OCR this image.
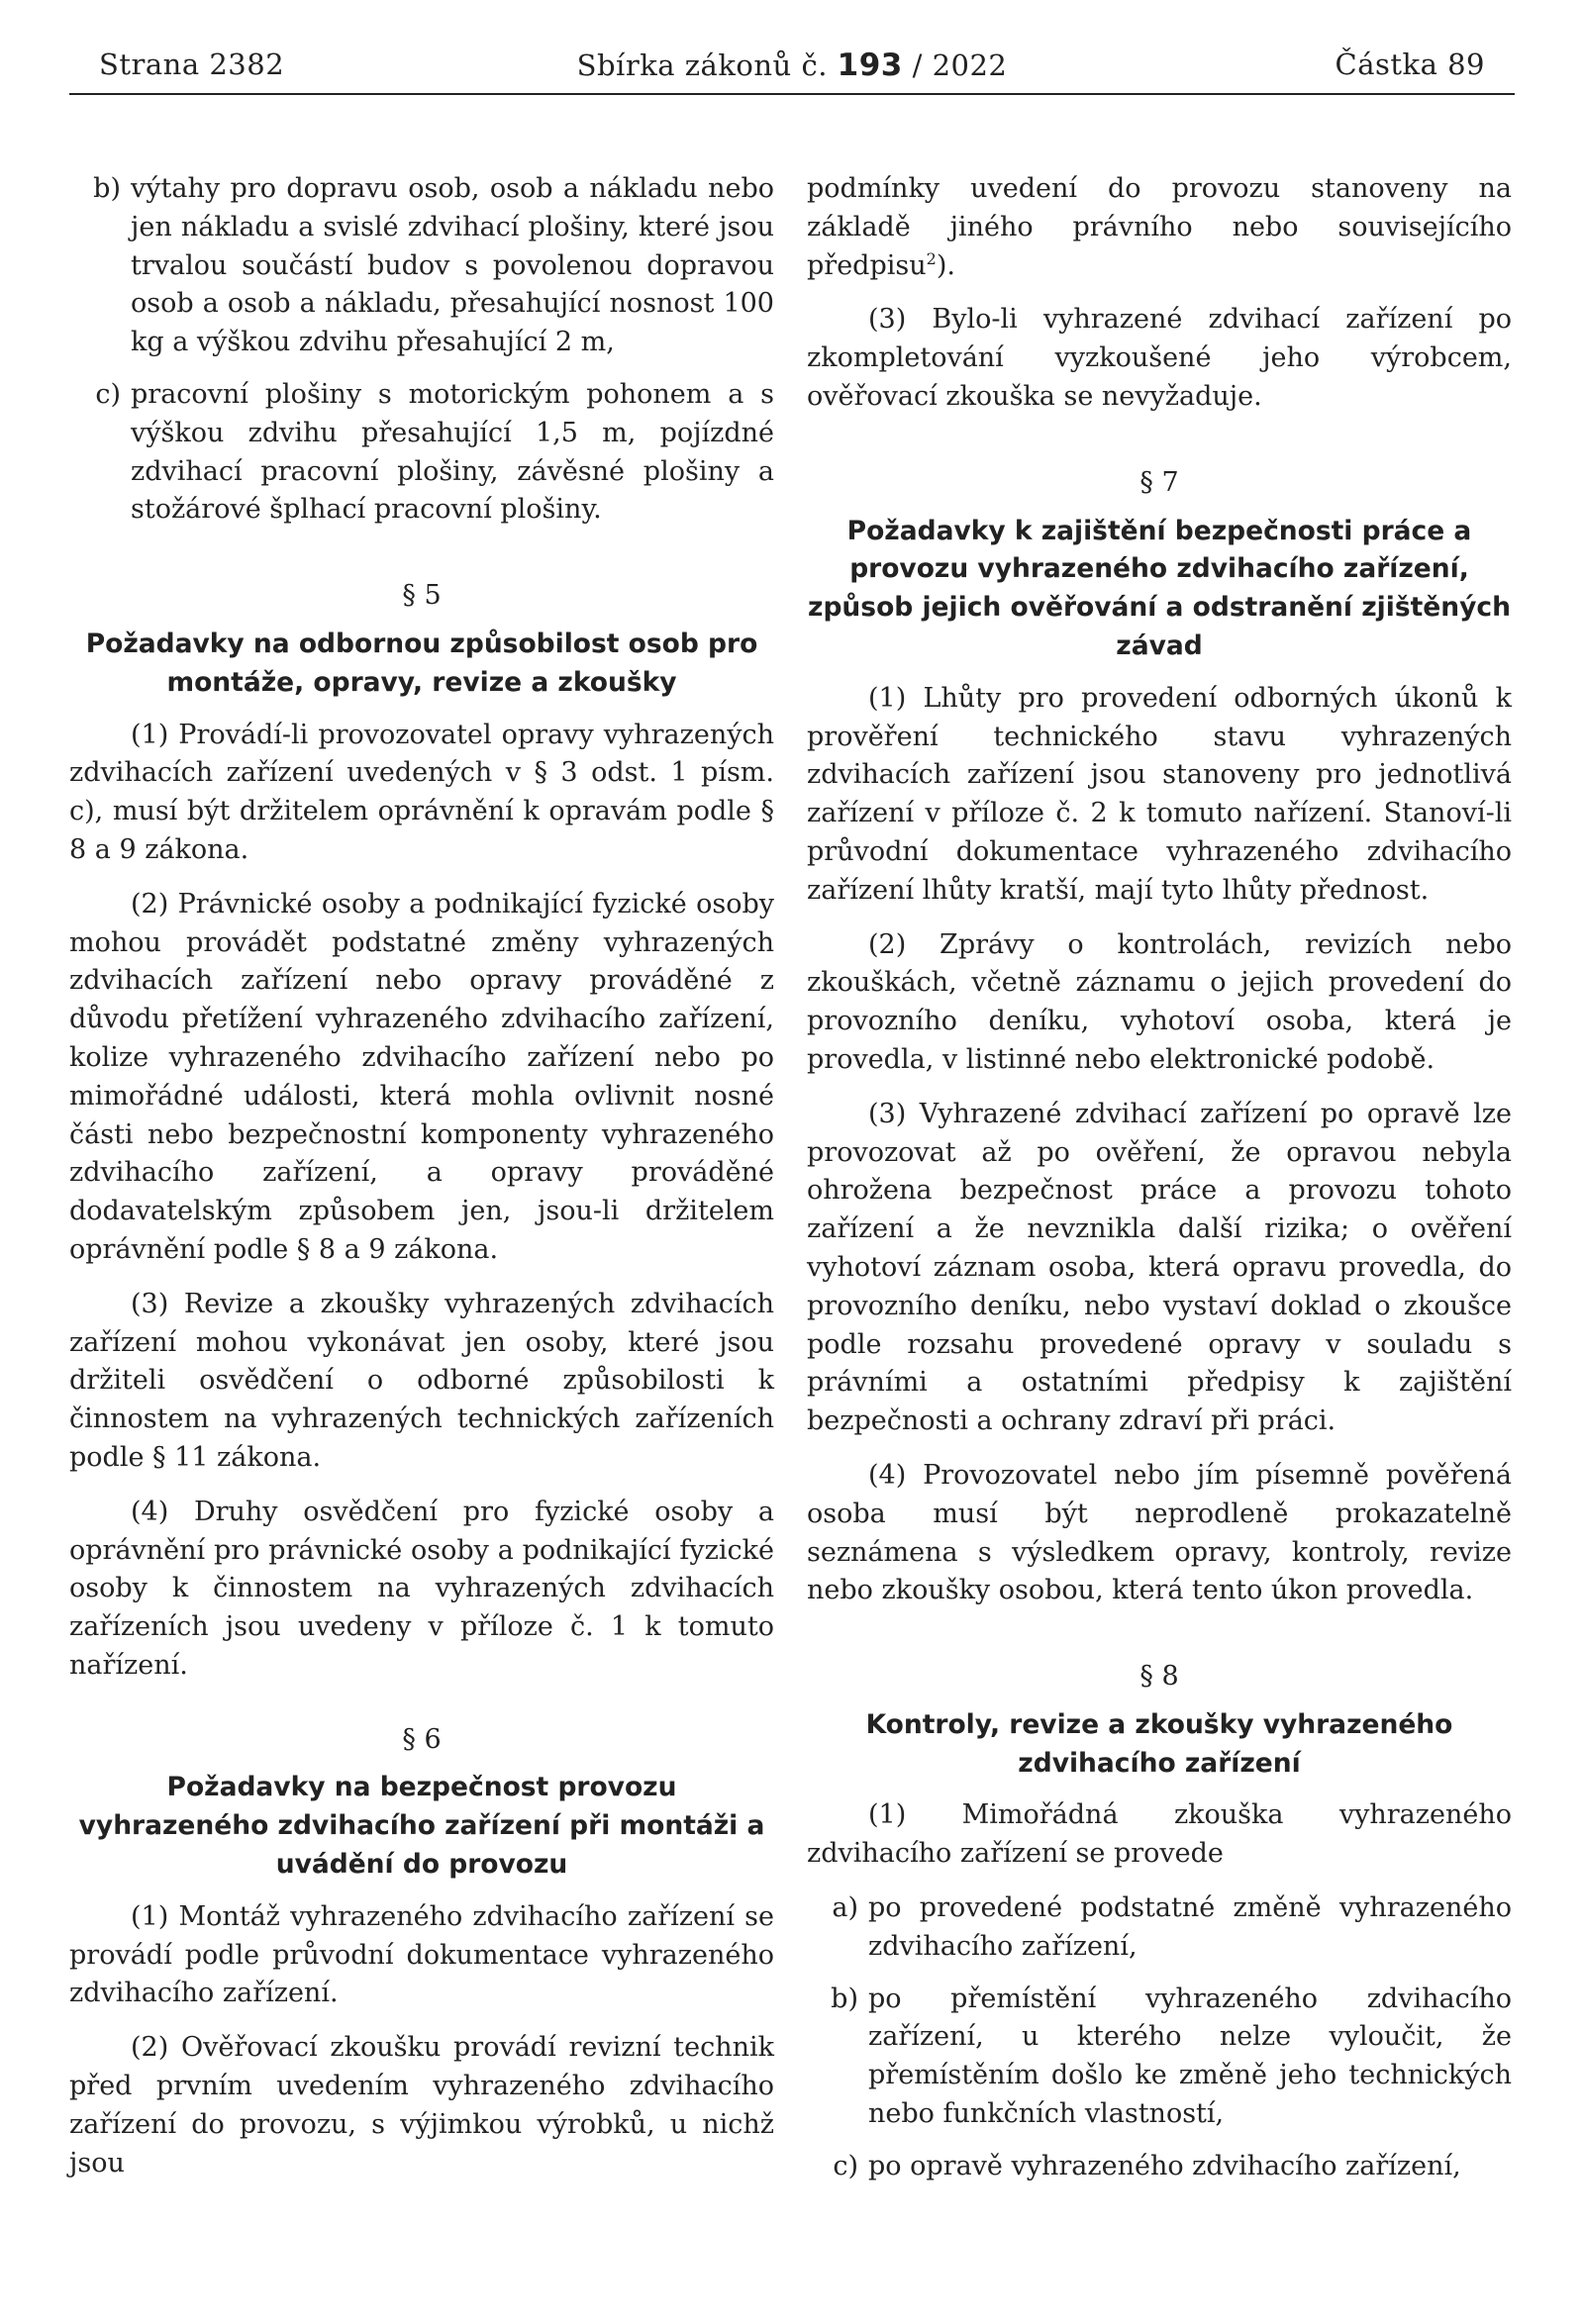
Strana 2382	Sbírka zákonů č. 193 / 2022	Částka 89
b) výtahy pro dopravu osob, osob a nákladu nebo jen nákladu a svislé zdvihací plošiny, které jsou trvalou součástí budov s povolenou dopravou osob a osob a nákladu, přesahující nosnost 100 kg a výškou zdvihu přesahující 2 m,
c) pracovní plošiny s motorickým pohonem a s výškou zdvihu přesahující 1,5 m, pojízdné zdvihací pracovní plošiny, závěsné plošiny a stožárové šplhací pracovní plošiny.
§ 5
Požadavky na odbornou způsobilost osob pro montáže, opravy, revize a zkoušky

(1) Provádí-li provozovatel opravy vyhrazených zdvihacích zařízení uvedených v § 3 odst. 1 písm. c), musí být držitelem oprávnění k opravám podle § 8 a 9 zákona.

(2) Právnické osoby a podnikající fyzické osoby mohou provádět podstatné změny vyhrazených zdvihacích zařízení nebo opravy prováděné z důvodu přetížení vyhrazeného zdvihacího zařízení, kolize vyhrazeného zdvihacího zařízení nebo po mimořádné události, která mohla ovlivnit nosné části nebo bezpečnostní komponenty vyhrazeného zdvihacího zařízení, a opravy prováděné dodavatelským způsobem jen, jsou-li držitelem oprávnění podle § 8 a 9 zákona.

(3) Revize a zkoušky vyhrazených zdvihacích zařízení mohou vykonávat jen osoby, které jsou držiteli osvědčení o odborné způsobilosti k činnostem na vyhrazených technických zařízeních podle § 11 zákona.

(4) Druhy osvědčení pro fyzické osoby a oprávnění pro právnické osoby a podnikající fyzické osoby k činnostem na vyhrazených zdvihacích zařízeních jsou uvedeny v příloze č. 1 k tomuto nařízení.

§ 6
Požadavky na bezpečnost provozu vyhrazeného zdvihacího zařízení při montáži a uvádění do provozu

(1) Montáž vyhrazeného zdvihacího zařízení se provádí podle průvodní dokumentace vyhrazeného zdvihacího zařízení.

(2) Ověřovací zkoušku provádí revizní technik před prvním uvedením vyhrazeného zdvihacího zařízení do provozu, s výjimkou výrobků, u nichž jsou

podmínky uvedení do provozu stanoveny na základě jiného právního nebo souvisejícího předpisu$^2$).

(3) Bylo-li vyhrazené zdvihací zařízení po zkompletování vyzkoušené jeho výrobcem, ověřovací zkouška se nevyžaduje.

§ 7
Požadavky k zajištění bezpečnosti práce a provozu vyhrazeného zdvihacího zařízení, způsob jejich ověřování a odstranění zjištěných závad

(1) Lhůty pro provedení odborných úkonů k prověření technického stavu vyhrazených zdvihacích zařízení jsou stanoveny pro jednotlivá zařízení v příloze č. 2 k tomuto nařízení. Stanoví-li průvodní dokumentace vyhrazeného zdvihacího zařízení lhůty kratší, mají tyto lhůty přednost.

(2) Zprávy o kontrolách, revizích nebo zkouškách, včetně záznamu o jejich provedení do provozního deníku, vyhotoví osoba, která je provedla, v listinné nebo elektronické podobě.

(3) Vyhrazené zdvihací zařízení po opravě lze provozovat až po ověření, že opravou nebyla ohrožena bezpečnost práce a provozu tohoto zařízení a že nevznikla další rizika; o ověření vyhotoví záznam osoba, která opravu provedla, do provozního deníku, nebo vystaví doklad o zkoušce podle rozsahu provedené opravy v souladu s právními a ostatními předpisy k zajištění bezpečnosti a ochrany zdraví při práci.

(4) Provozovatel nebo jím písemně pověřená osoba musí být neprodleně prokazatelně seznámena s výsledkem opravy, kontroly, revize nebo zkoušky osobou, která tento úkon provedla.

§ 8
Kontroly, revize a zkoušky vyhrazeného zdvihacího zařízení

(1) Mimořádná zkouška vyhrazeného zdvihacího zařízení se provede

a) po provedené podstatné změně vyhrazeného zdvihacího zařízení,
b) po přemístění vyhrazeného zdvihacího zařízení, u kterého nelze vyloučit, že přemístěním došlo ke změně jeho technických nebo funkčních vlastností,
c) po opravě vyhrazeného zdvihacího zařízení,
